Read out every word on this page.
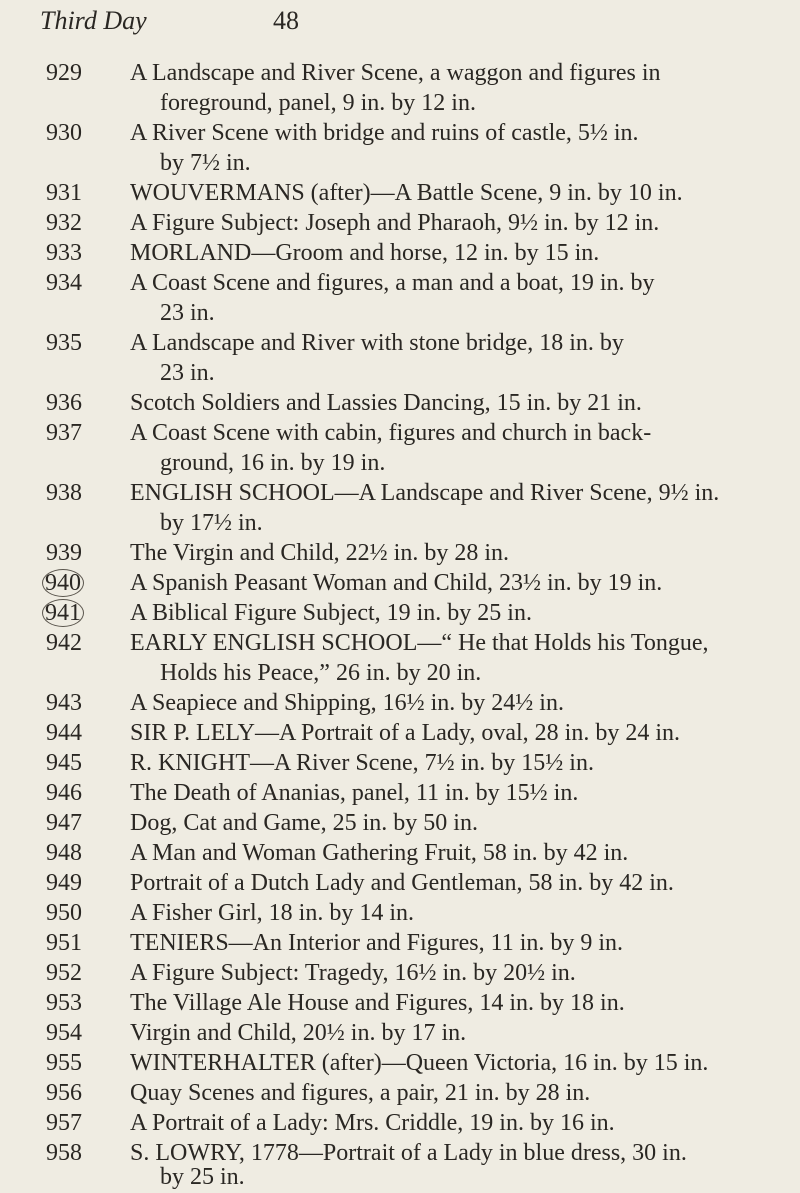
Third Day	48
929	A Landscape and River Scene, a waggon and figures in
foreground, panel, 9 in. by 12 in.
930	A River Scene with bridge and ruins of castle, 5½ in.
by 7½ in.
931	WOUVERMANS (after)—A Battle Scene, 9 in. by 10 in.
932	A Figure Subject: Joseph and Pharaoh, 9½ in. by 12 in.
933	MORLAND—Groom and horse, 12 in. by 15 in.
934	A Coast Scene and figures, a man and a boat, 19 in. by
23 in.
935	A Landscape and River with stone bridge, 18 in. by
23 in.
936	Scotch Soldiers and Lassies Dancing, 15 in. by 21 in.
937	A Coast Scene with cabin, figures and church in back-
ground, 16 in. by 19 in.
938	ENGLISH SCHOOL—A Landscape and River Scene, 9½ in.
by 17½ in.
939	The Virgin and Child, 22½ in. by 28 in.
940	A Spanish Peasant Woman and Child, 23½ in. by 19 in.
941	A Biblical Figure Subject, 19 in. by 25 in.
942	EARLY ENGLISH SCHOOL—“ He that Holds his Tongue,
Holds his Peace,” 26 in. by 20 in.
943	A Seapiece and Shipping, 16½ in. by 24½ in.
944	SIR P. LELY—A Portrait of a Lady, oval, 28 in. by 24 in.
945	R. KNIGHT—A River Scene, 7½ in. by 15½ in.
946	The Death of Ananias, panel, 11 in. by 15½ in.
947	Dog, Cat and Game, 25 in. by 50 in.
948	A Man and Woman Gathering Fruit, 58 in. by 42 in.
949	Portrait of a Dutch Lady and Gentleman, 58 in. by 42 in.
950	A Fisher Girl, 18 in. by 14 in.
951	TENIERS—An Interior and Figures, 11 in. by 9 in.
952	A Figure Subject: Tragedy, 16½ in. by 20½ in.
953	The Village Ale House and Figures, 14 in. by 18 in.
954	Virgin and Child, 20½ in. by 17 in.
955	WINTERHALTER (after)—Queen Victoria, 16 in. by 15 in.
956	Quay Scenes and figures, a pair, 21 in. by 28 in.
957	A Portrait of a Lady: Mrs. Criddle, 19 in. by 16 in.
958	S. LOWRY, 1778—Portrait of a Lady in blue dress, 30 in.
by 25 in.
